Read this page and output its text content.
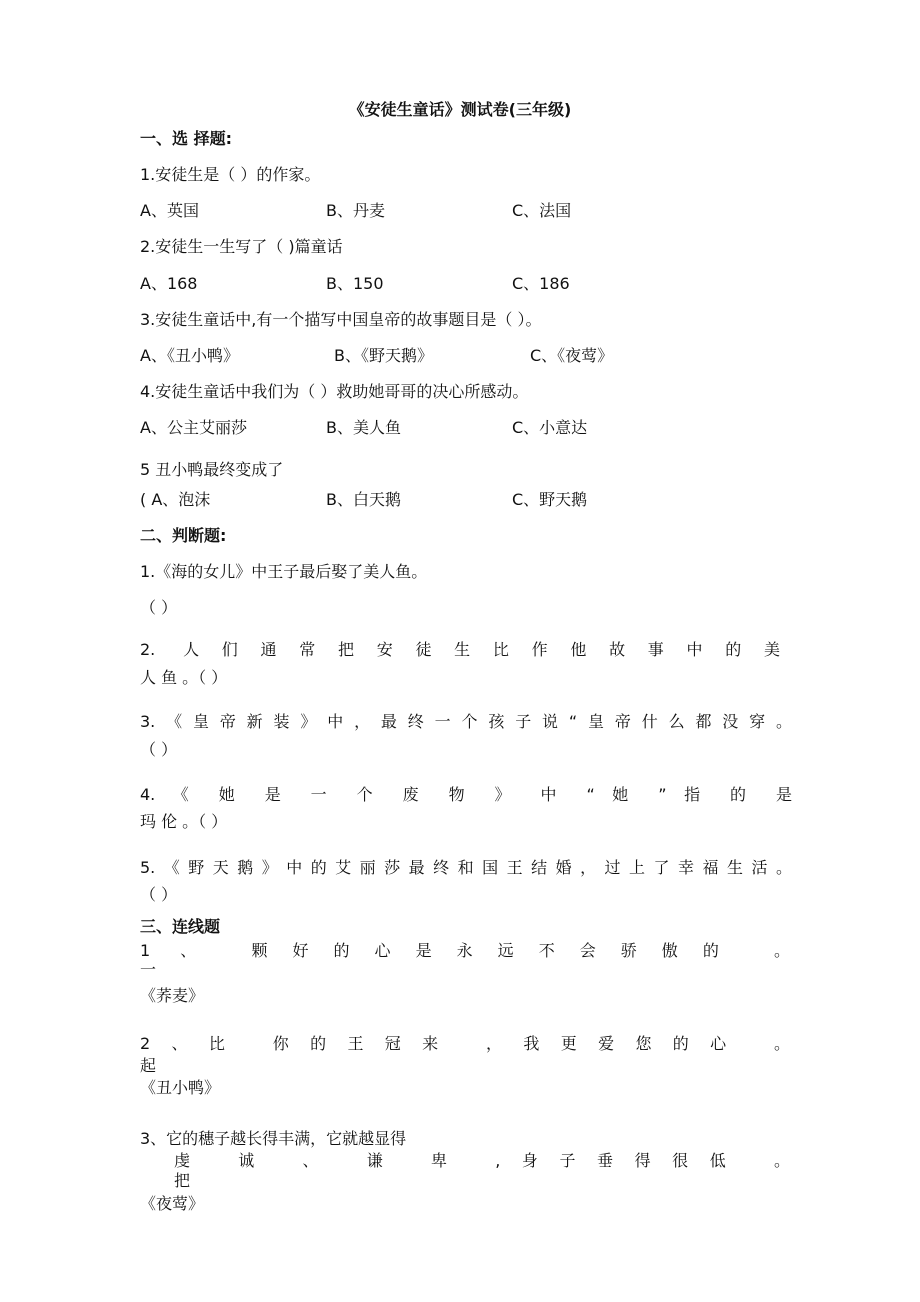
《安徒生童话》测试卷(三年级)
一、选 择题:
1.安徒生是（ ）的作家。
A、英国	B、丹麦	C、法国
2.安徒生一生写了（ )篇童话
A、168	B、150	C、186
3.安徒生童话中,有一个描写中国皇帝的故事题目是（ ）。
A、《丑小鸭》	B、《野天鹅》	C、《夜莺》
4.安徒生童话中我们为（ ）救助她哥哥的决心所感动。
A、公主艾丽莎	B、美人鱼	C、小意达
5 丑小鸭最终变成了
( A、泡沫	B、白天鹅	C、野天鹅
二、判断题:
1.《海的女儿》中王子最后娶了美人鱼。
（ ）
2. 人们通常把安徒生比作他故事中的美
人 鱼 。（ ）
3.《皇帝新装》中，最终一个孩子说“皇帝什么都没穿。
（ ）
4. 《 她 是 一 个 废 物 》 中 “ 她 ” 指 的 是
玛 伦 。（ ）
5.《野天鹅》中的艾丽莎最终和国王结婚，过上了幸福生活。
（ ）
三、连线题
1 、 颗好的心是永远不会骄傲的 。
一
《荞麦》
2、比 你的王冠来 ，我更爱您的心 。
起
《丑小鸭》
3、它的穗子越长得丰满，它就越显得
虔 诚 、 谦 卑 ,身子垂得很低 。
把
《夜莺》
